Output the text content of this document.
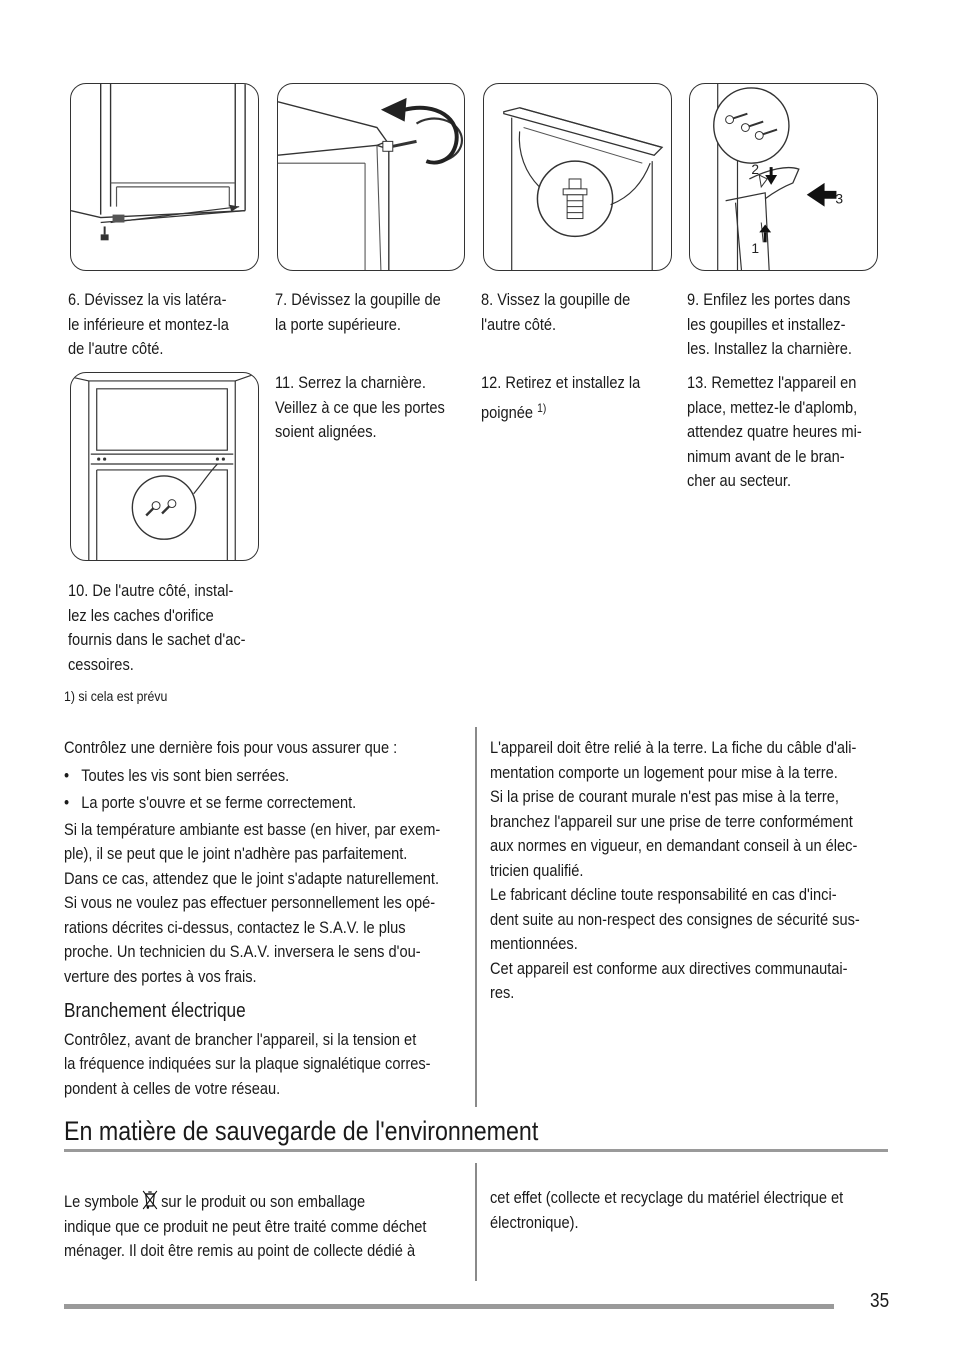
2
3
1
6. Dévissez la vis latéra-
le inférieure et montez-la
de l'autre côté.
7. Dévissez la goupille de
la porte supérieure.
8. Vissez la goupille de
l'autre côté.
9. Enfilez les portes dans
les goupilles et installez-
les. Installez la charnière.
11. Serrez la charnière.
Veillez à ce que les portes
soient alignées.
12. Retirez et installez la
poignée $^{1)}$
13. Remettez l'appareil en
place, mettez-le d'aplomb,
attendez quatre heures mi-
nimum avant de le bran-
cher au secteur.
10. De l'autre côté, instal-
lez les caches d'orifice
fournis dans le sachet d'ac-
cessoires.
1) si cela est prévu

Contrôlez une dernière fois pour vous assurer que :

• Toutes les vis sont bien serrées.
• La porte s'ouvre et se ferme correctement.

Si la température ambiante est basse (en hiver, par exem-
ple), il se peut que le joint n'adhère pas parfaitement.
Dans ce cas, attendez que le joint s'adapte naturellement.
Si vous ne voulez pas effectuer personnellement les opé-
rations décrites ci-dessus, contactez le S.A.V. le plus
proche. Un technicien du S.A.V. inversera le sens d'ou-
verture des portes à vos frais.

Branchement électrique

Contrôlez, avant de brancher l'appareil, si la tension et
la fréquence indiquées sur la plaque signalétique corres-
pondent à celles de votre réseau.

L'appareil doit être relié à la terre. La fiche du câble d'ali-
mentation comporte un logement pour mise à la terre.
Si la prise de courant murale n'est pas mise à la terre,
branchez l'appareil sur une prise de terre conformément
aux normes en vigueur, en demandant conseil à un élec-
tricien qualifié.

Le fabricant décline toute responsabilité en cas d'inci-
dent suite au non-respect des consignes de sécurité sus-
mentionnées.

Cet appareil est conforme aux directives communautai-
res.

En matière de sauvegarde de l'environnement

Le symbole sur le produit ou son emballage
indique que ce produit ne peut être traité comme déchet
ménager. Il doit être remis au point de collecte dédié à

cet effet (collecte et recyclage du matériel électrique et
électronique).

35
